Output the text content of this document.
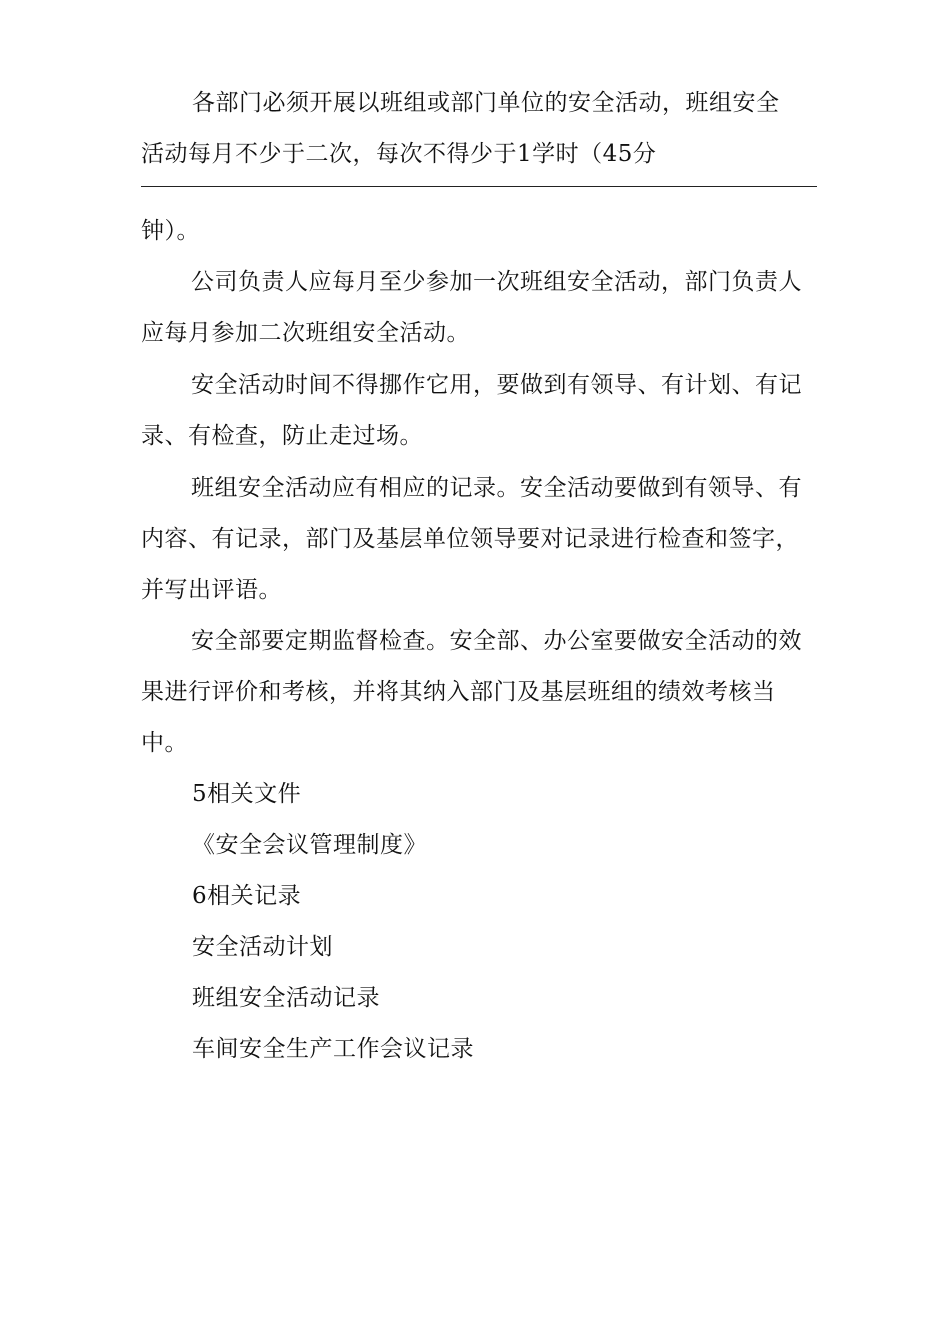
各部门必须开展以班组或部门单位的安全活动，班组安全

活动每月不少于二次，每次不得少于1学时（45分

钟）。

公司负责人应每月至少参加一次班组安全活动，部门负责人应每月参加二次班组安全活动。

安全活动时间不得挪作它用，要做到有领导、有计划、有记录、有检查，防止走过场。

班组安全活动应有相应的记录。安全活动要做到有领导、有内容、有记录，部门及基层单位领导要对记录进行检查和签字，并写出评语。

安全部要定期监督检查。安全部、办公室要做安全活动的效果进行评价和考核，并将其纳入部门及基层班组的绩效考核当中。

5相关文件

《安全会议管理制度》

6相关记录

安全活动计划

班组安全活动记录

车间安全生产工作会议记录
